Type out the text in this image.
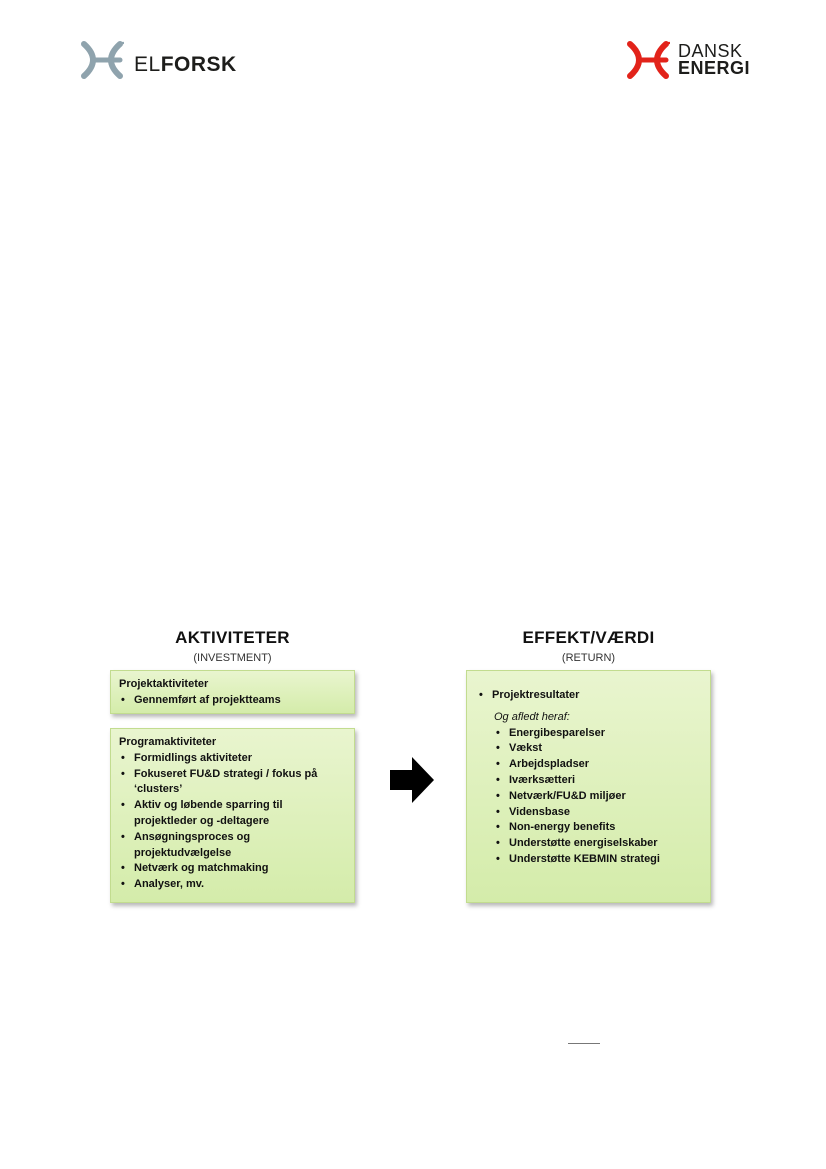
ELFORSK
DANSK
ENERGI
AKTIVITETER
(INVESTMENT)
Projektaktiviteter
• Gennemført af projektteams
Programaktiviteter
• Formidlings aktiviteter
• Fokuseret FU&D strategi / fokus på ‘clusters’
• Aktiv og løbende sparring til projektleder og -deltagere
• Ansøgningsproces og projektudvælgelse
• Netværk og matchmaking
• Analyser, mv.
EFFEKT/VÆRDI
(RETURN)
• Projektresultater
Og afledt heraf:
• Energibesparelser
• Vækst
• Arbejdspladser
• Iværksætteri
• Netværk/FU&D miljøer
• Vidensbase
• Non-energy benefits
• Understøtte energiselskaber
• Understøtte KEBMIN strategi
